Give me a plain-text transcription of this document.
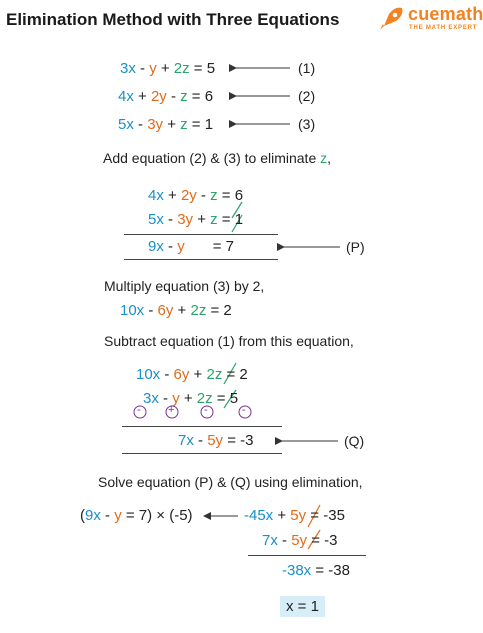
Elimination Method with Three Equations	cuemath
THE MATH EXPERT
3x - y + 2z = 5
4x + 2y - z = 6
5x - 3y + z = 1
(1)
(2)
(3)
Add equation (2) & (3) to eliminate z,
4x + 2y - z = 6
5x - 3y + z = 1
9x - y = 7	(P)
Multiply equation (3) by 2,
10x - 6y + 2z = 2
Subtract equation (1) from this equation,
10x - 6y + 2z = 2
3x - y + 2z = 5
- +	-	-
7x - 5y = -3	(Q)
Solve equation (P) & (Q) using elimination,
(9x - y = 7) × (-5)	-45x + 5y = -35
7x - 5y = -3
-38x = -38
x = 1
